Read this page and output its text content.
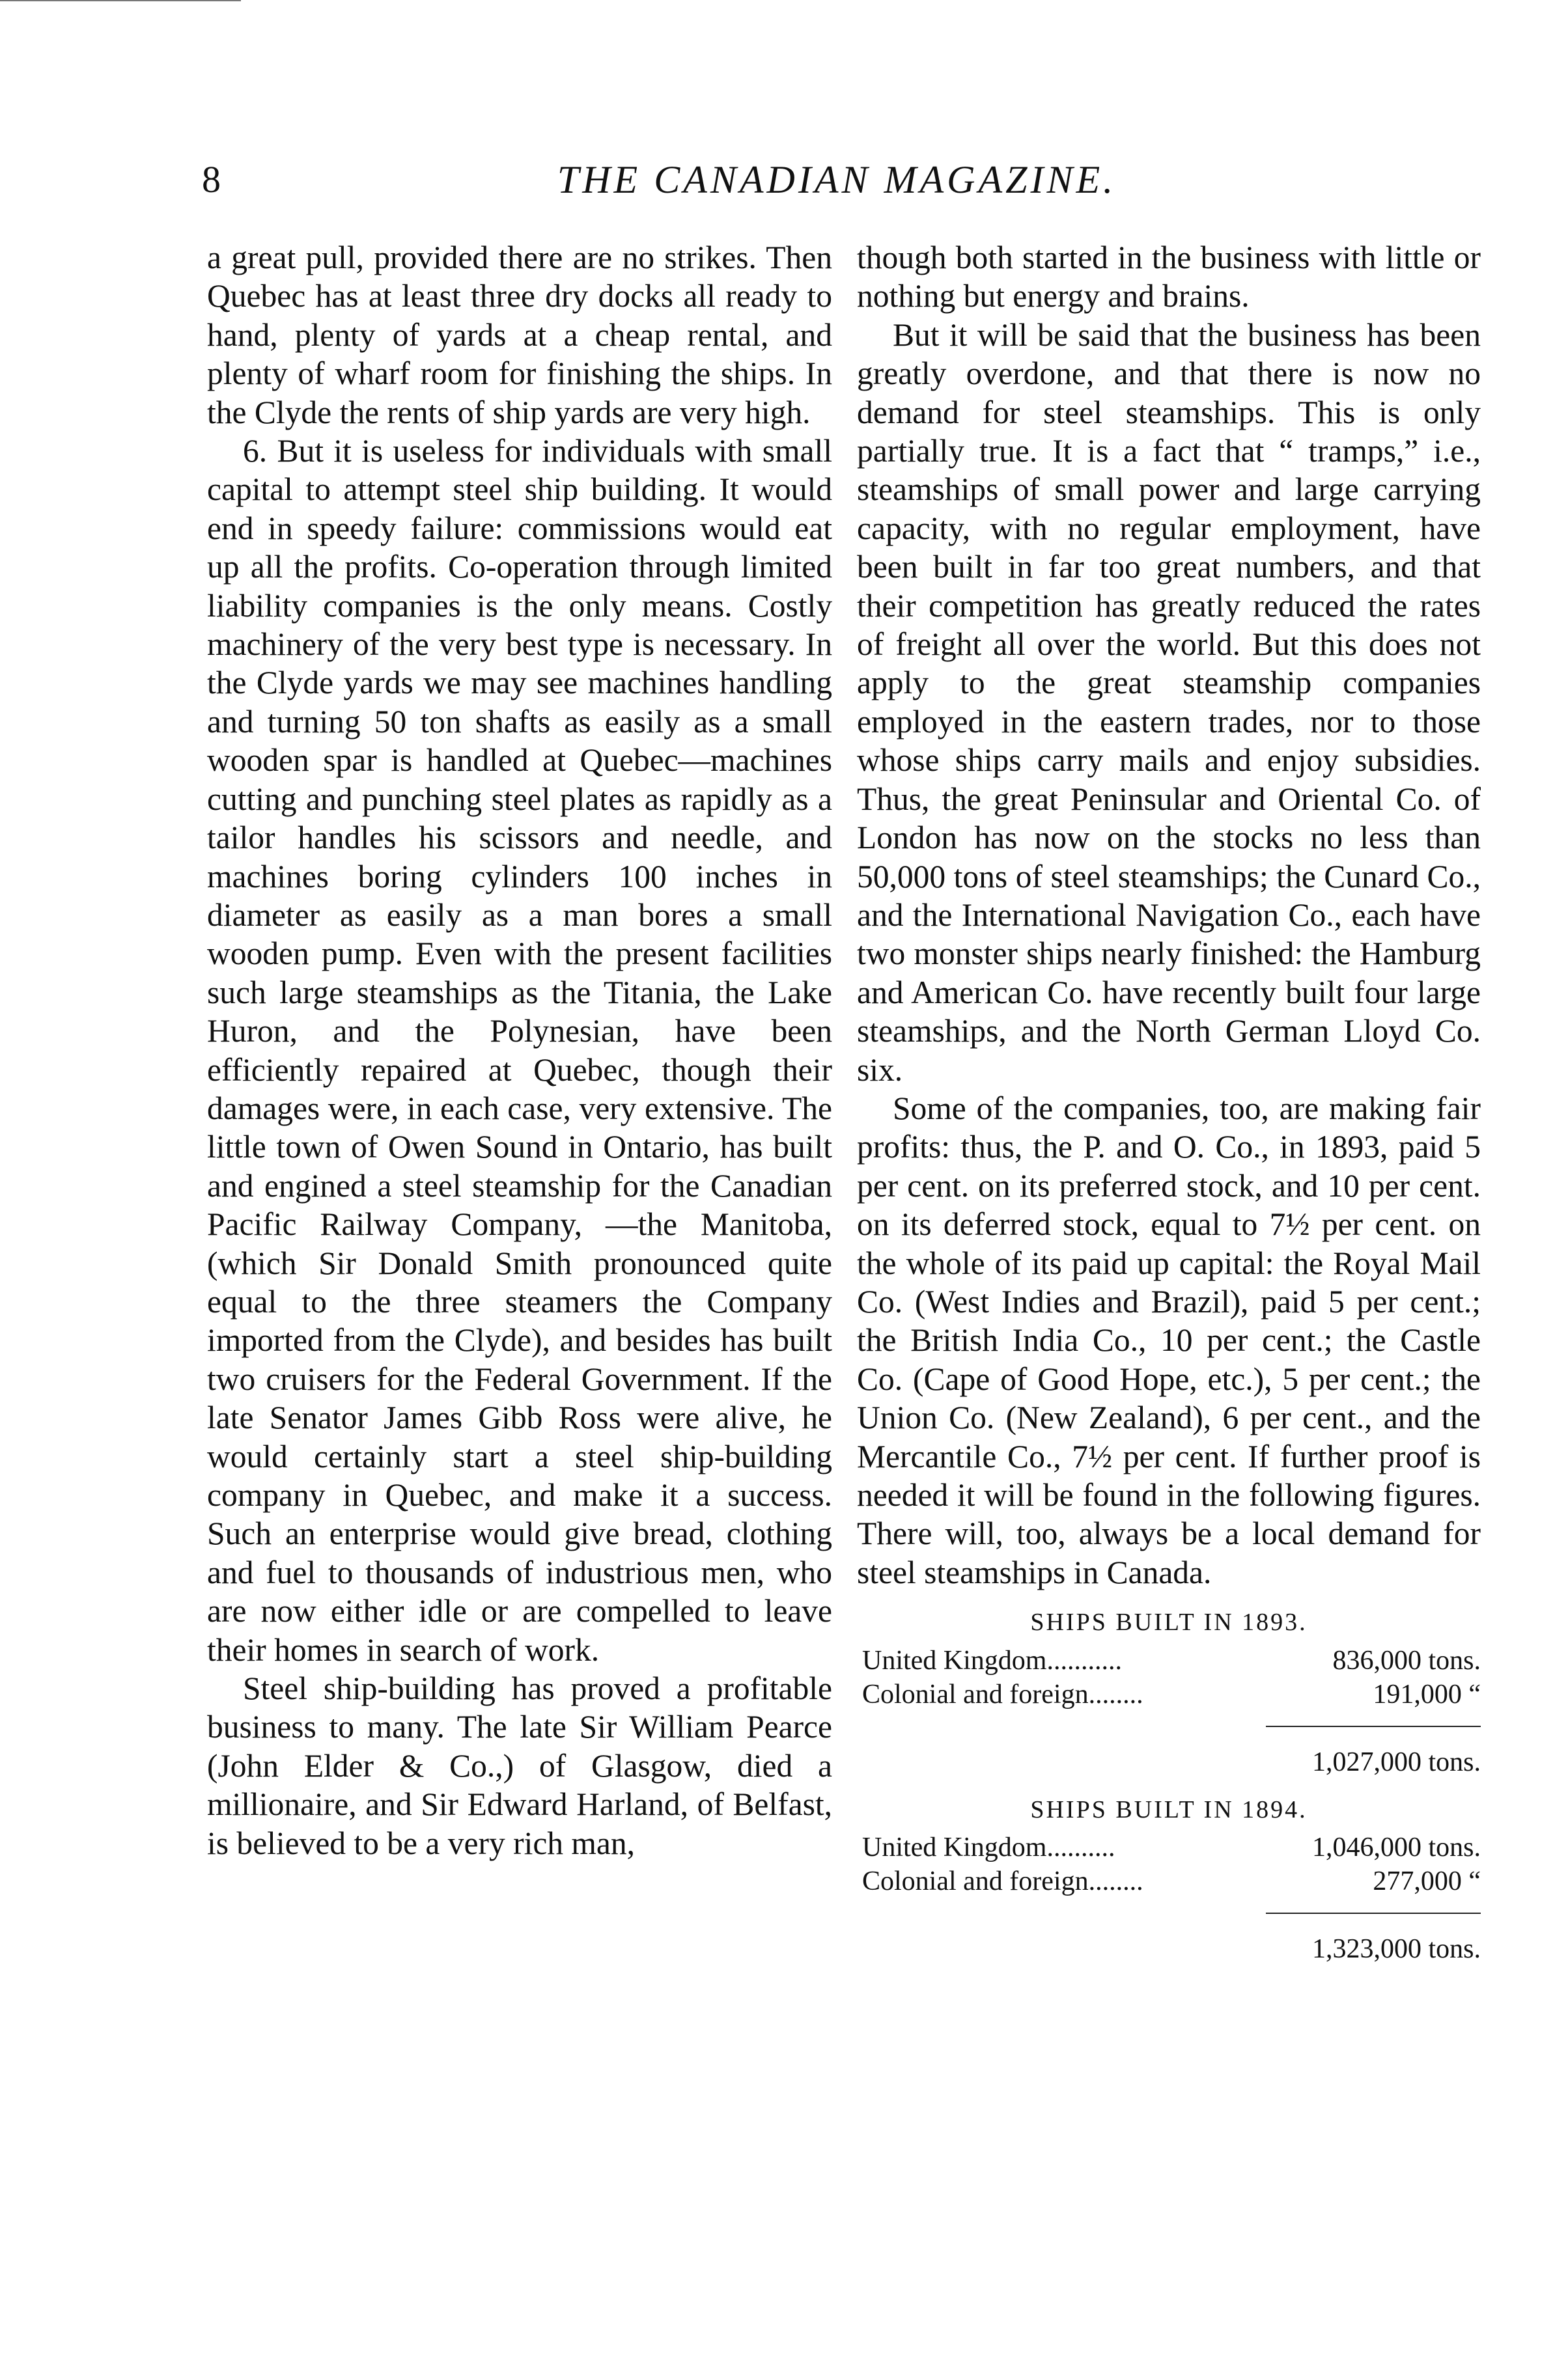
8	THE CANADIAN MAGAZINE.

a great pull, provided there are no strikes. Then Quebec has at least three dry docks all ready to hand, plenty of yards at a cheap rental, and plenty of wharf room for finishing the ships. In the Clyde the rents of ship yards are very high.

6. But it is useless for individuals with small capital to attempt steel ship building. It would end in speedy failure: commissions would eat up all the profits. Co-operation through limited liability companies is the only means. Costly machinery of the very best type is necessary. In the Clyde yards we may see machines handling and turning 50 ton shafts as easily as a small wooden spar is handled at Quebec—machines cutting and punching steel plates as rapidly as a tailor handles his scissors and needle, and machines boring cylinders 100 inches in diameter as easily as a man bores a small wooden pump. Even with the present facilities such large steamships as the Titania, the Lake Huron, and the Polynesian, have been efficiently repaired at Quebec, though their damages were, in each case, very extensive. The little town of Owen Sound in Ontario, has built and engined a steel steamship for the Canadian Pacific Railway Company, —the Manitoba, (which Sir Donald Smith pronounced quite equal to the three steamers the Company imported from the Clyde), and besides has built two cruisers for the Federal Government. If the late Senator James Gibb Ross were alive, he would certainly start a steel ship-building company in Quebec, and make it a success. Such an enterprise would give bread, clothing and fuel to thousands of industrious men, who are now either idle or are compelled to leave their homes in search of work.

Steel ship-building has proved a profitable business to many. The late Sir William Pearce (John Elder & Co.,) of Glasgow, died a millionaire, and Sir Edward Harland, of Belfast, is believed to be a very rich man,

though both started in the business with little or nothing but energy and brains.

But it will be said that the business has been greatly overdone, and that there is now no demand for steel steamships. This is only partially true. It is a fact that “ tramps,” i.e., steamships of small power and large carrying capacity, with no regular employment, have been built in far too great numbers, and that their competition has greatly reduced the rates of freight all over the world. But this does not apply to the great steamship companies employed in the eastern trades, nor to those whose ships carry mails and enjoy subsidies. Thus, the great Peninsular and Oriental Co. of London has now on the stocks no less than 50,000 tons of steel steamships; the Cunard Co., and the International Navigation Co., each have two monster ships nearly finished: the Hamburg and American Co. have recently built four large steamships, and the North German Lloyd Co. six.

Some of the companies, too, are making fair profits: thus, the P. and O. Co., in 1893, paid 5 per cent. on its preferred stock, and 10 per cent. on its deferred stock, equal to 7½ per cent. on the whole of its paid up capital: the Royal Mail Co. (West Indies and Brazil), paid 5 per cent.; the British India Co., 10 per cent.; the Castle Co. (Cape of Good Hope, etc.), 5 per cent.; the Union Co. (New Zealand), 6 per cent., and the Mercantile Co., 7½ per cent. If further proof is needed it will be found in the following figures. There will, too, always be a local demand for steel steamships in Canada.

SHIPS BUILT IN 1893.
United Kingdom...........	836,000 tons.
Colonial and foreign........	191,000 “
1,027,000 tons.
SHIPS BUILT IN 1894.
United Kingdom..........	1,046,000 tons.
Colonial and foreign........	277,000 “
1,323,000 tons.
